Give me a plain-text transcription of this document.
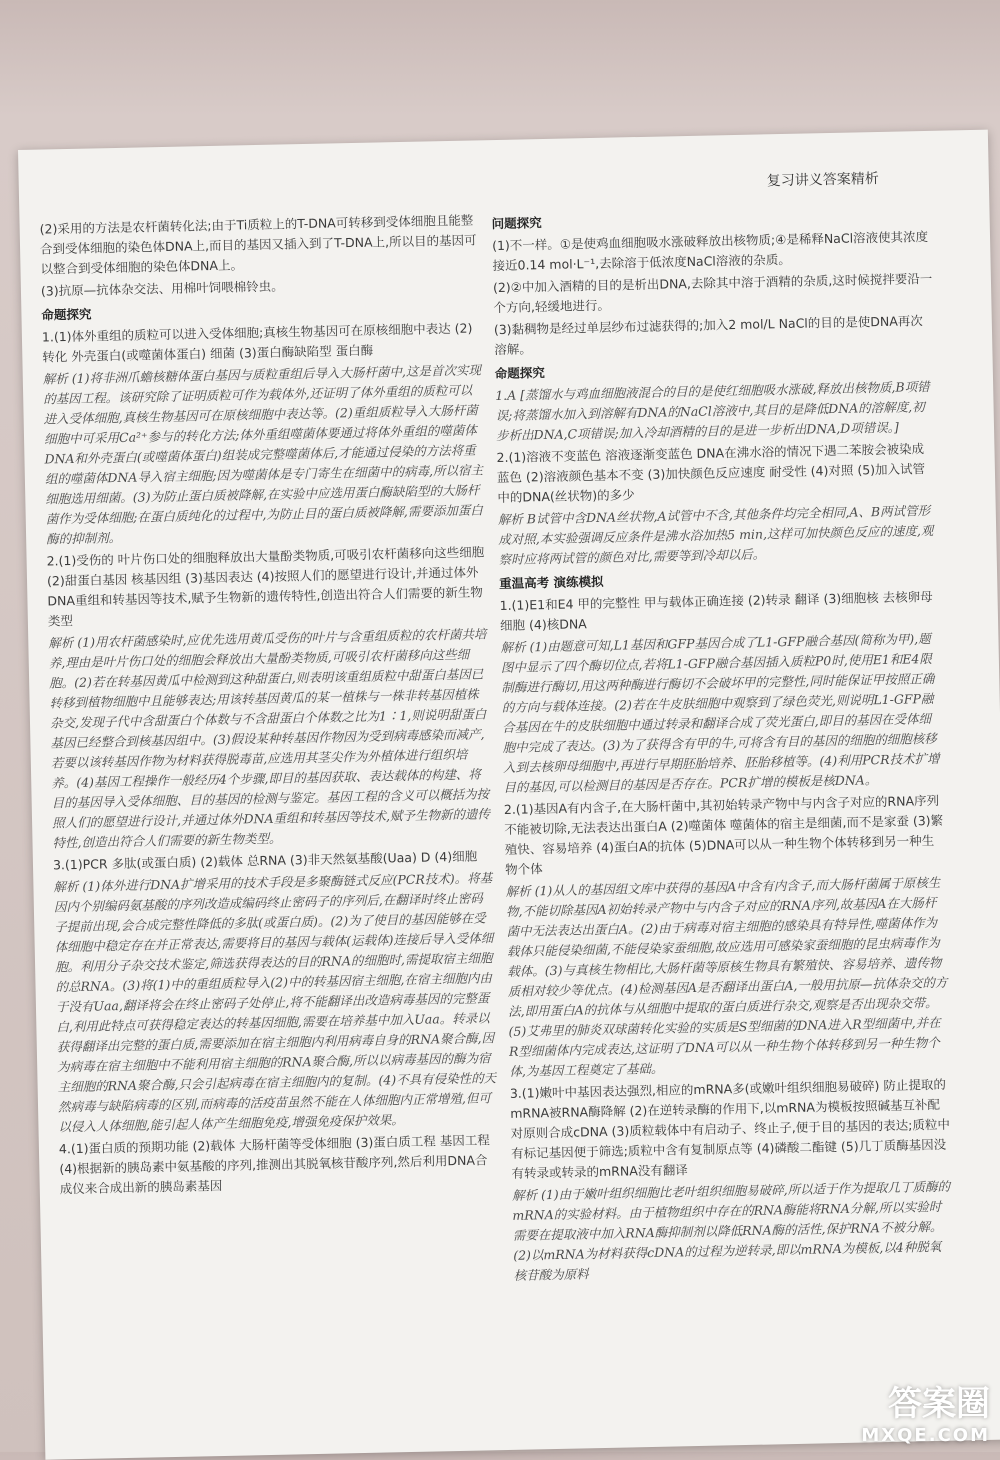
复习讲义答案精析

(2)采用的方法是农杆菌转化法;由于Ti质粒上的T-DNA可转移到受体细胞且能整合到受体细胞的染色体DNA上,而目的基因又插入到了T-DNA上,所以目的基因可以整合到受体细胞的染色体DNA上。

(3)抗原—抗体杂交法、用棉叶饲喂棉铃虫。

命题探究

1.(1)体外重组的质粒可以进入受体细胞;真核生物基因可在原核细胞中表达 (2)转化 外壳蛋白(或噬菌体蛋白) 细菌 (3)蛋白酶缺陷型 蛋白酶

解析 (1)将非洲爪蟾核糖体蛋白基因与质粒重组后导入大肠杆菌中,这是首次实现的基因工程。该研究除了证明质粒可作为载体外,还证明了体外重组的质粒可以进入受体细胞,真核生物基因可在原核细胞中表达等。(2)重组质粒导入大肠杆菌细胞中可采用Ca²⁺参与的转化方法;体外重组噬菌体要通过将体外重组的噬菌体DNA和外壳蛋白(或噬菌体蛋白)组装成完整噬菌体后,才能通过侵染的方法将重组的噬菌体DNA导入宿主细胞;因为噬菌体是专门寄生在细菌中的病毒,所以宿主细胞选用细菌。(3)为防止蛋白质被降解,在实验中应选用蛋白酶缺陷型的大肠杆菌作为受体细胞;在蛋白质纯化的过程中,为防止目的蛋白质被降解,需要添加蛋白酶的抑制剂。

2.(1)受伤的 叶片伤口处的细胞释放出大量酚类物质,可吸引农杆菌移向这些细胞 (2)甜蛋白基因 核基因组 (3)基因表达 (4)按照人们的愿望进行设计,并通过体外DNA重组和转基因等技术,赋予生物新的遗传特性,创造出符合人们需要的新生物类型

解析 (1)用农杆菌感染时,应优先选用黄瓜受伤的叶片与含重组质粒的农杆菌共培养,理由是叶片伤口处的细胞会释放出大量酚类物质,可吸引农杆菌移向这些细胞。(2)若在转基因黄瓜中检测到这种甜蛋白,则表明该重组质粒中甜蛋白基因已转移到植物细胞中且能够表达;用该转基因黄瓜的某一植株与一株非转基因植株杂交,发现子代中含甜蛋白个体数与不含甜蛋白个体数之比为1∶1,则说明甜蛋白基因已经整合到核基因组中。(3)假设某种转基因作物因为受到病毒感染而减产,若要以该转基因作物为材料获得脱毒苗,应选用其茎尖作为外植体进行组织培养。(4)基因工程操作一般经历4个步骤,即目的基因获取、表达载体的构建、将目的基因导入受体细胞、目的基因的检测与鉴定。基因工程的含义可以概括为按照人们的愿望进行设计,并通过体外DNA重组和转基因等技术,赋予生物新的遗传特性,创造出符合人们需要的新生物类型。

3.(1)PCR 多肽(或蛋白质) (2)载体 总RNA (3)非天然氨基酸(Uaa) D (4)细胞

解析 (1)体外进行DNA扩增采用的技术手段是多聚酶链式反应(PCR技术)。将基因内个别编码氨基酸的序列改造成编码终止密码子的序列后,在翻译时终止密码子提前出现,会合成完整性降低的多肽(或蛋白质)。(2)为了使目的基因能够在受体细胞中稳定存在并正常表达,需要将目的基因与载体(运载体)连接后导入受体细胞。利用分子杂交技术鉴定,筛选获得表达的目的RNA的细胞时,需提取宿主细胞的总RNA。(3)将(1)中的重组质粒导入(2)中的转基因宿主细胞,在宿主细胞内由于没有Uaa,翻译将会在终止密码子处停止,将不能翻译出改造病毒基因的完整蛋白,利用此特点可获得稳定表达的转基因细胞,需要在培养基中加入Uaa。转录以获得翻译出完整的蛋白质,需要添加在宿主细胞内利用病毒自身的RNA聚合酶,因为病毒在宿主细胞中不能利用宿主细胞的RNA聚合酶,所以以病毒基因的酶为宿主细胞的RNA聚合酶,只会引起病毒在宿主细胞内的复制。(4)不具有侵染性的天然病毒与缺陷病毒的区别,而病毒的活疫苗虽然不能在人体细胞内正常增殖,但可以侵入人体细胞,能引起人体产生细胞免疫,增强免疫保护效果。

4.(1)蛋白质的预期功能 (2)载体 大肠杆菌等受体细胞 (3)蛋白质工程 基因工程 (4)根据新的胰岛素中氨基酸的序列,推测出其脱氧核苷酸序列,然后利用DNA合成仪来合成出新的胰岛素基因

问题探究

(1)不一样。①是使鸡血细胞吸水涨破释放出核物质;④是稀释NaCl溶液使其浓度接近0.14 mol·L⁻¹,去除溶于低浓度NaCl溶液的杂质。

(2)②中加入酒精的目的是析出DNA,去除其中溶于酒精的杂质,这时候搅拌要沿一个方向,轻缓地进行。

(3)黏稠物是经过单层纱布过滤获得的;加入2 mol/L NaCl的目的是使DNA再次溶解。

命题探究

1.A [蒸馏水与鸡血细胞液混合的目的是使红细胞吸水涨破,释放出核物质,B项错误;将蒸馏水加入到溶解有DNA的NaCl溶液中,其目的是降低DNA的溶解度,初步析出DNA,C项错误;加入冷却酒精的目的是进一步析出DNA,D项错误。]

2.(1)溶液不变蓝色 溶液逐渐变蓝色 DNA在沸水浴的情况下遇二苯胺会被染成蓝色 (2)溶液颜色基本不变 (3)加快颜色反应速度 耐受性 (4)对照 (5)加入试管中的DNA(丝状物)的多少

解析 B试管中含DNA丝状物,A试管中不含,其他条件均完全相同,A、B两试管形成对照,本实验强调反应条件是沸水浴加热5 min,这样可加快颜色反应的速度,观察时应将两试管的颜色对比,需要等到冷却以后。

重温高考 演练模拟

1.(1)E1和E4 甲的完整性 甲与载体正确连接 (2)转录 翻译 (3)细胞核 去核卵母细胞 (4)核DNA

解析 (1)由题意可知,L1基因和GFP基因合成了L1-GFP融合基因(简称为甲),题图中显示了四个酶切位点,若将L1-GFP融合基因插入质粒P0时,使用E1和E4限制酶进行酶切,用这两种酶进行酶切不会破坏甲的完整性,同时能保证甲按照正确的方向与载体连接。(2)若在牛皮肤细胞中观察到了绿色荧光,则说明L1-GFP融合基因在牛的皮肤细胞中通过转录和翻译合成了荧光蛋白,即目的基因在受体细胞中完成了表达。(3)为了获得含有甲的牛,可将含有目的基因的细胞的细胞核移入到去核卵母细胞中,再进行早期胚胎培养、胚胎移植等。(4)利用PCR技术扩增目的基因,可以检测目的基因是否存在。PCR扩增的模板是核DNA。

2.(1)基因A有内含子,在大肠杆菌中,其初始转录产物中与内含子对应的RNA序列不能被切除,无法表达出蛋白A (2)噬菌体 噬菌体的宿主是细菌,而不是家蚕 (3)繁殖快、容易培养 (4)蛋白A的抗体 (5)DNA可以从一种生物个体转移到另一种生物个体

解析 (1)从人的基因组文库中获得的基因A中含有内含子,而大肠杆菌属于原核生物,不能切除基因A初始转录产物中与内含子对应的RNA序列,故基因A在大肠杆菌中无法表达出蛋白A。(2)由于病毒对宿主细胞的感染具有特异性,噬菌体作为载体只能侵染细菌,不能侵染家蚕细胞,故应选用可感染家蚕细胞的昆虫病毒作为载体。(3)与真核生物相比,大肠杆菌等原核生物具有繁殖快、容易培养、遗传物质相对较少等优点。(4)检测基因A是否翻译出蛋白A,一般用抗原—抗体杂交的方法,即用蛋白A的抗体与从细胞中提取的蛋白质进行杂交,观察是否出现杂交带。(5)艾弗里的肺炎双球菌转化实验的实质是S型细菌的DNA进入R型细菌中,并在R型细菌体内完成表达,这证明了DNA可以从一种生物个体转移到另一种生物个体,为基因工程奠定了基础。

3.(1)嫩叶中基因表达强烈,相应的mRNA多(或嫩叶组织细胞易破碎) 防止提取的mRNA被RNA酶降解 (2)在逆转录酶的作用下,以mRNA为模板按照碱基互补配对原则合成cDNA (3)质粒载体中有启动子、终止子,便于目的基因的表达;质粒中有标记基因便于筛选;质粒中含有复制原点等 (4)磷酸二酯键 (5)几丁质酶基因没有转录或转录的mRNA没有翻译

解析 (1)由于嫩叶组织细胞比老叶组织细胞易破碎,所以适于作为提取几丁质酶的mRNA的实验材料。由于植物组织中存在的RNA酶能将RNA分解,所以实验时需要在提取液中加入RNA酶抑制剂以降低RNA酶的活性,保护RNA不被分解。(2)以mRNA为材料获得cDNA的过程为逆转录,即以mRNA为模板,以4种脱氧核苷酸为原料

答案圈
MXQE.COM
